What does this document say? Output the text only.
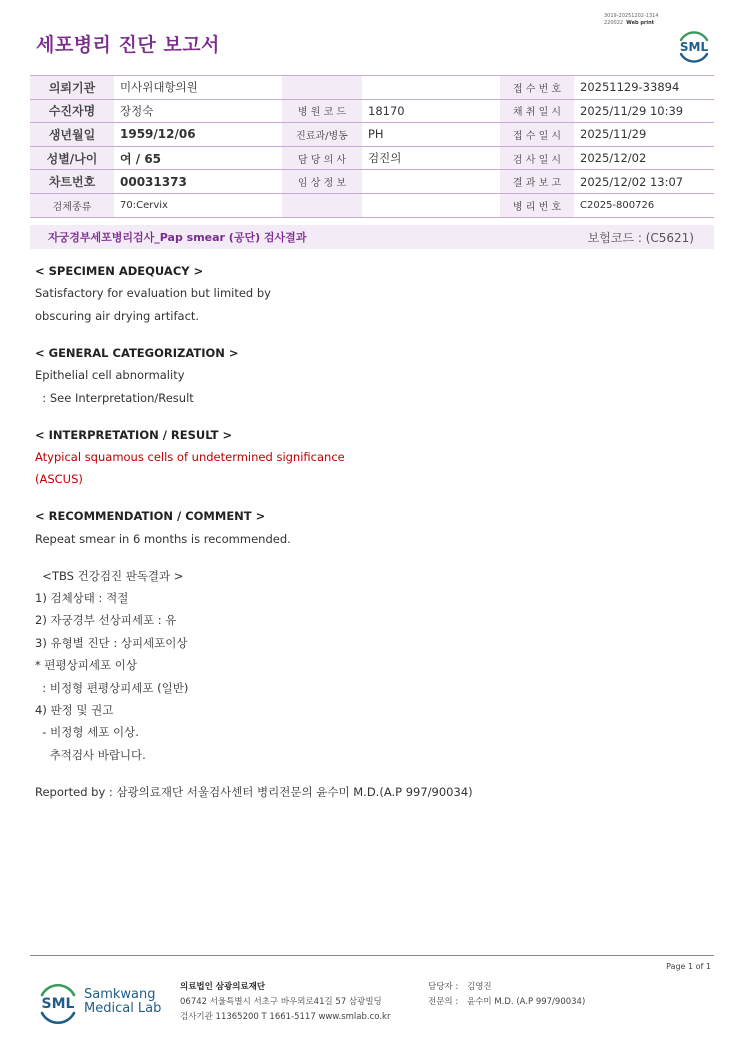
3019-20251202-1314
220022 Web print
세포병리 진단 보고서	SML
의뢰기관	미사위대항의원			접 수 번 호	20251129-33894
수진자명	장정숙	병 원 코 드	18170	채 취 일 시	2025/11/29 10:39
생년월일	1959/12/06	진료과/병동	PH	접 수 일 시	2025/11/29
성별/나이	여 / 65	담 당 의 사	검진의	검 사 일 시	2025/12/02
차트번호	00031373	임 상 정 보		결 과 보 고	2025/12/02 13:07
검체종류	70:Cervix			병 리 번 호	C2025-800726
자궁경부세포병리검사_Pap smear (공단) 검사결과	보험코드 : (C5621)
< SPECIMEN ADEQUACY >
Satisfactory for evaluation but limited by
obscuring air drying artifact.
< GENERAL CATEGORIZATION >
Epithelial cell abnormality
: See Interpretation/Result
< INTERPRETATION / RESULT >
Atypical squamous cells of undetermined significance
(ASCUS)
< RECOMMENDATION / COMMENT >
Repeat smear in 6 months is recommended.
<TBS 건강검진 판독결과 >
1) 검체상태 : 적절
2) 자궁경부 선상피세포 : 유
3) 유형별 진단 : 상피세포이상
* 편평상피세포 이상
: 비정형 편평상피세포 (일반)
4) 판정 및 권고
- 비정형 세포 이상.
추적검사 바랍니다.
Reported by : 삼광의료재단 서울검사센터 병리전문의 윤수미 M.D.(A.P 997/90034)
Page 1 of 1
SML
Samkwang
Medical Lab
의료법인 삼광의료재단
06742 서울특별시 서초구 바우뫼로41길 57 삼광빌딩
검사기관 11365200 T 1661-5117 www.smlab.co.kr
담당자 : 김영진
전문의 : 윤수미 M.D. (A.P 997/90034)
